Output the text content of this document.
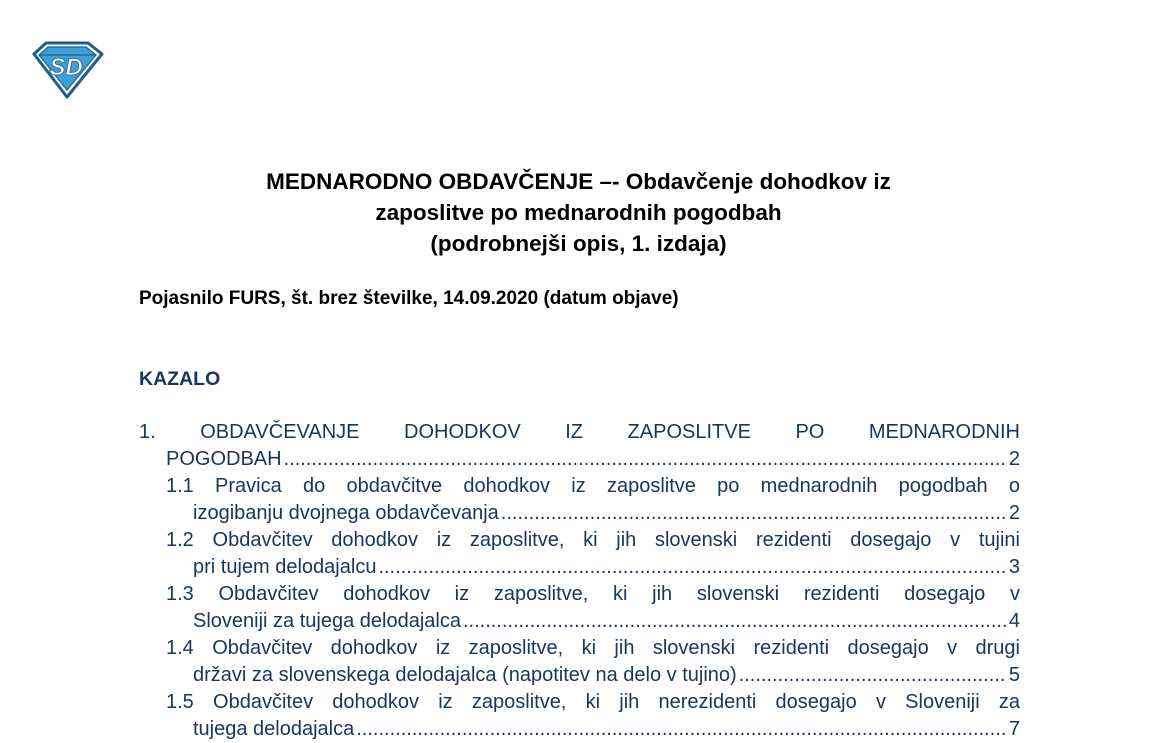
SD
MEDNARODNO OBDAVČENJE –- Obdavčenje dohodkov iz
zaposlitve po mednarodnih pogodbah
(podrobnejši opis, 1. izdaja)
Pojasnilo FURS, št. brez številke, 14.09.2020 (datum objave)
KAZALO
1. OBDAVČEVANJE DOHODKOV IZ ZAPOSLITVE PO MEDNARODNIH
POGODBAH .....	2
1.1 Pravica do obdavčitve dohodkov iz zaposlitve po mednarodnih pogodbah o
izogibanju dvojnega obdavčevanja .....	2
1.2 Obdavčitev dohodkov iz zaposlitve, ki jih slovenski rezidenti dosegajo v tujini
pri tujem delodajalcu .....	3
1.3 Obdavčitev dohodkov iz zaposlitve, ki jih slovenski rezidenti dosegajo v
Sloveniji za tujega delodajalca .....	4
1.4 Obdavčitev dohodkov iz zaposlitve, ki jih slovenski rezidenti dosegajo v drugi
državi za slovenskega delodajalca (napotitev na delo v tujino) .....	5
1.5 Obdavčitev dohodkov iz zaposlitve, ki jih nerezidenti dosegajo v Sloveniji za
tujega delodajalca .....	7
